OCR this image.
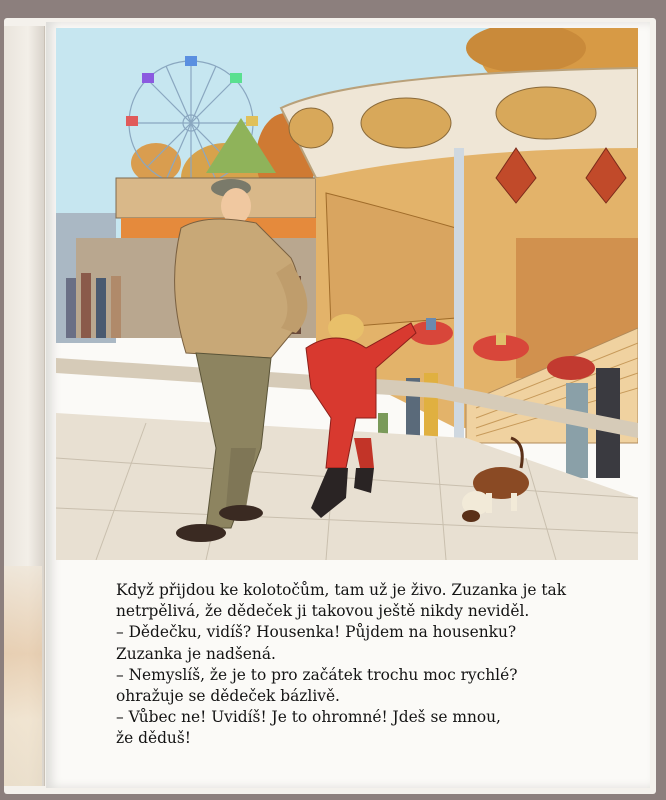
Když přijdou ke kolotočům, tam už je živo. Zuzanka je tak

netrpělivá, že dědeček ji takovou ještě nikdy neviděl.

– Dědečku, vidíš? Housenka! Půjdem na housenku?

Zuzanka je nadšená.

– Nemyslíš, že je to pro začátek trochu moc rychlé?

ohražuje se dědeček bázlivě.

– Vůbec ne! Uvidíš! Je to ohromné! Jdeš se mnou,

že děduš!
